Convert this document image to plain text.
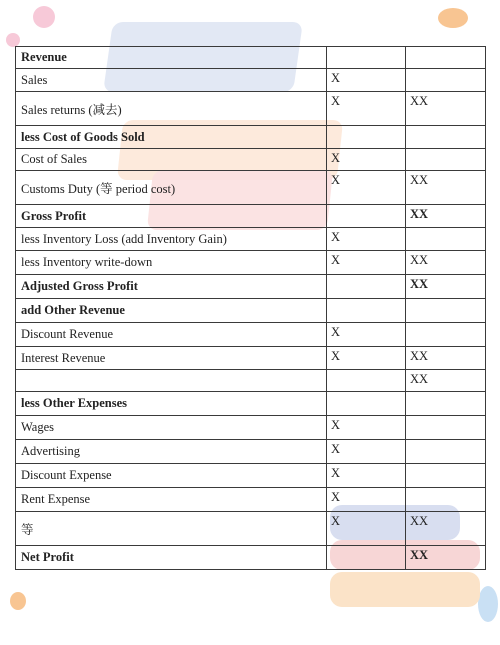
Revenue		
Sales	X	
Sales returns (减去)	X	XX
less Cost of Goods Sold		
Cost of Sales	X	
Customs Duty (等 period cost)	X	XX
Gross Profit		XX
less Inventory Loss (add Inventory Gain)	X	
less Inventory write-down	X	XX
Adjusted Gross Profit		XX
add Other Revenue		
Discount Revenue	X	
Interest Revenue	X	XX
		XX
less Other Expenses		
Wages	X	
Advertising	X	
Discount Expense	X	
Rent Expense	X	
等	X	XX
Net Profit		XX
